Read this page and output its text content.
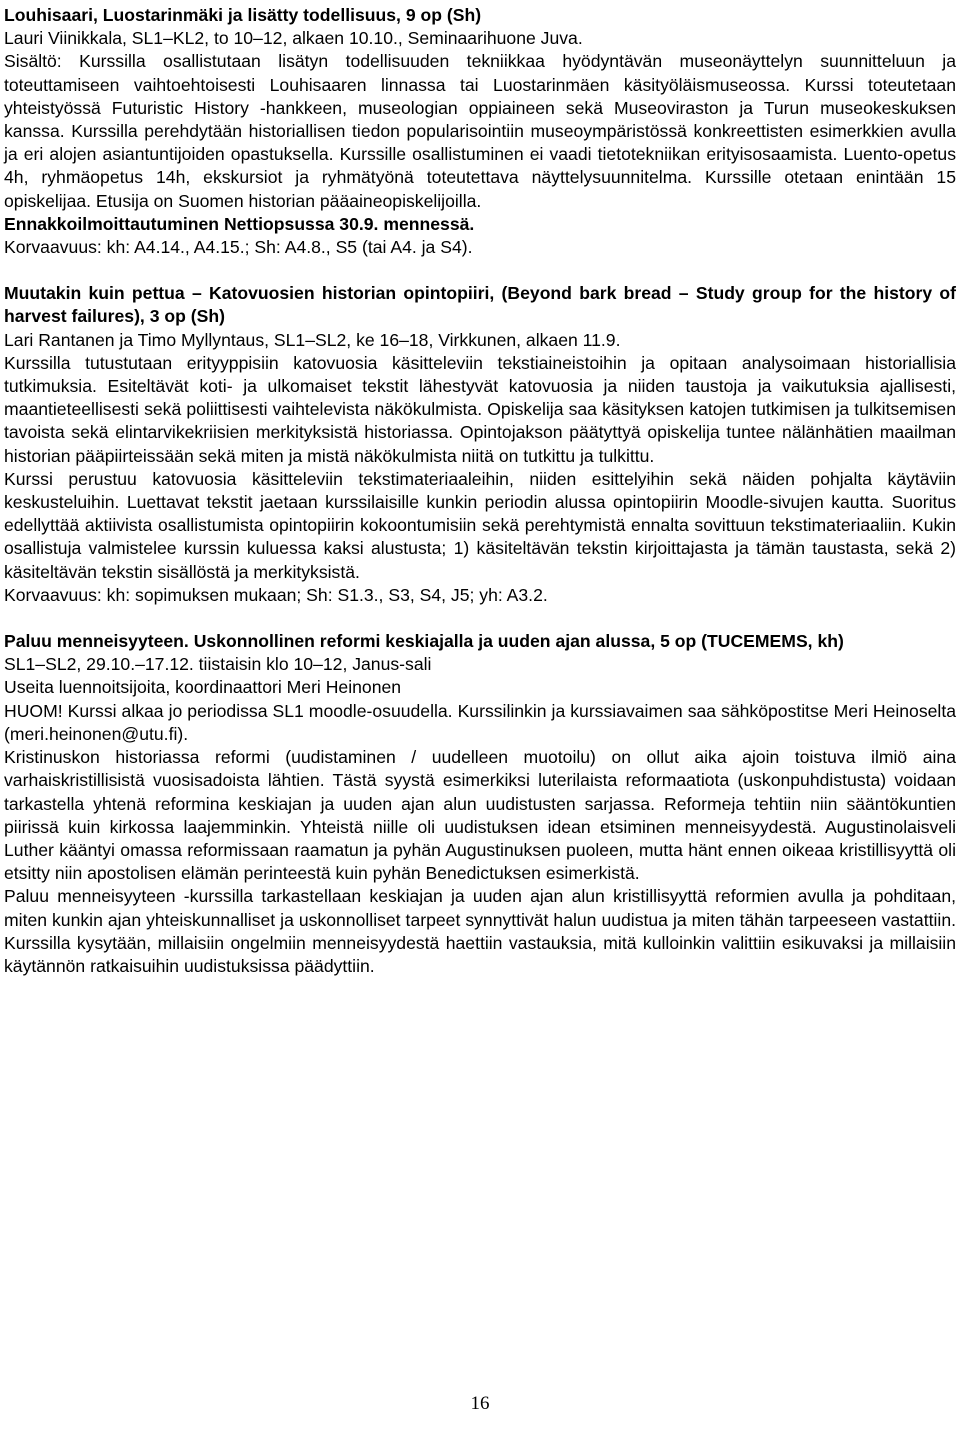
Louhisaari, Luostarinmäki ja lisätty todellisuus, 9 op (Sh)

Lauri Viinikkala, SL1–KL2, to 10–12, alkaen 10.10., Seminaarihuone Juva.

Sisältö: Kurssilla osallistutaan lisätyn todellisuuden tekniikkaa hyödyntävän museonäyttelyn suunnitteluun ja toteuttamiseen vaihtoehtoisesti Louhisaaren linnassa tai Luostarinmäen käsityöläismuseossa. Kurssi toteutetaan yhteistyössä Futuristic History -hankkeen, museologian oppiaineen sekä Museoviraston ja Turun museokeskuksen kanssa. Kurssilla perehdytään historiallisen tiedon popularisointiin museoympäristössä konkreettisten esimerkkien avulla ja eri alojen asiantuntijoiden opastuksella. Kurssille osallistuminen ei vaadi tietotekniikan erityisosaamista. Luento-opetus 4h, ryhmäopetus 14h, ekskursiot ja ryhmätyönä toteutettava näyttelysuunnitelma. Kurssille otetaan enintään 15 opiskelijaa. Etusija on Suomen historian pääaineopiskelijoilla.

Ennakkoilmoittautuminen Nettiopsussa 30.9. mennessä.

Korvaavuus: kh: A4.14., A4.15.; Sh: A4.8., S5 (tai A4. ja S4).

Muutakin kuin pettua – Katovuosien historian opintopiiri, (Beyond bark bread – Study group for the history of harvest failures), 3 op (Sh)

Lari Rantanen ja Timo Myllyntaus, SL1–SL2, ke 16–18, Virkkunen, alkaen 11.9.

Kurssilla tutustutaan erityyppisiin katovuosia käsitteleviin tekstiaineistoihin ja opitaan analysoimaan historiallisia tutkimuksia. Esiteltävät koti- ja ulkomaiset tekstit lähestyvät katovuosia ja niiden taustoja ja vaikutuksia ajallisesti, maantieteellisesti sekä poliittisesti vaihtelevista näkökulmista. Opiskelija saa käsityksen katojen tutkimisen ja tulkitsemisen tavoista sekä elintarvikekriisien merkityksistä historiassa. Opintojakson päätyttyä opiskelija tuntee nälänhätien maailman historian pääpiirteissään sekä miten ja mistä näkökulmista niitä on tutkittu ja tulkittu.

Kurssi perustuu katovuosia käsitteleviin tekstimateriaaleihin, niiden esittelyihin sekä näiden pohjalta käytäviin keskusteluihin. Luettavat tekstit jaetaan kurssilaisille kunkin periodin alussa opintopiirin Moodle-sivujen kautta. Suoritus edellyttää aktiivista osallistumista opintopiirin kokoontumisiin sekä perehtymistä ennalta sovittuun tekstimateriaaliin. Kukin osallistuja valmistelee kurssin kuluessa kaksi alustusta; 1) käsiteltävän tekstin kirjoittajasta ja tämän taustasta, sekä 2) käsiteltävän tekstin sisällöstä ja merkityksistä.

Korvaavuus: kh: sopimuksen mukaan; Sh: S1.3., S3, S4, J5; yh: A3.2.

Paluu menneisyyteen. Uskonnollinen reformi keskiajalla ja uuden ajan alussa, 5 op (TUCEMEMS, kh)

SL1–SL2, 29.10.–17.12. tiistaisin klo 10–12, Janus-sali

Useita luennoitsijoita, koordinaattori Meri Heinonen

HUOM! Kurssi alkaa jo periodissa SL1 moodle-osuudella. Kurssilinkin ja kurssiavaimen saa sähköpostitse Meri Heinoselta (meri.heinonen@utu.fi).

Kristinuskon historiassa reformi (uudistaminen / uudelleen muotoilu) on ollut aika ajoin toistuva ilmiö aina varhaiskristillisistä vuosisadoista lähtien. Tästä syystä esimerkiksi luterilaista reformaatiota (uskonpuhdistusta) voidaan tarkastella yhtenä reformina keskiajan ja uuden ajan alun uudistusten sarjassa. Reformeja tehtiin niin sääntökuntien piirissä kuin kirkossa laajemminkin. Yhteistä niille oli uudistuksen idean etsiminen menneisyydestä. Augustinolaisveli Luther kääntyi omassa reformissaan raamatun ja pyhän Augustinuksen puoleen, mutta hänt ennen oikeaa kristillisyyttä oli etsitty niin apostolisen elämän perinteestä kuin pyhän Benedictuksen esimerkistä.

Paluu menneisyyteen -kurssilla tarkastellaan keskiajan ja uuden ajan alun kristillisyyttä reformien avulla ja pohditaan, miten kunkin ajan yhteiskunnalliset ja uskonnolliset tarpeet synnyttivät halun uudistua ja miten tähän tarpeeseen vastattiin. Kurssilla kysytään, millaisiin ongelmiin menneisyydestä haettiin vastauksia, mitä kulloinkin valittiin esikuvaksi ja millaisiin käytännön ratkaisuihin uudistuksissa päädyttiin.

16
